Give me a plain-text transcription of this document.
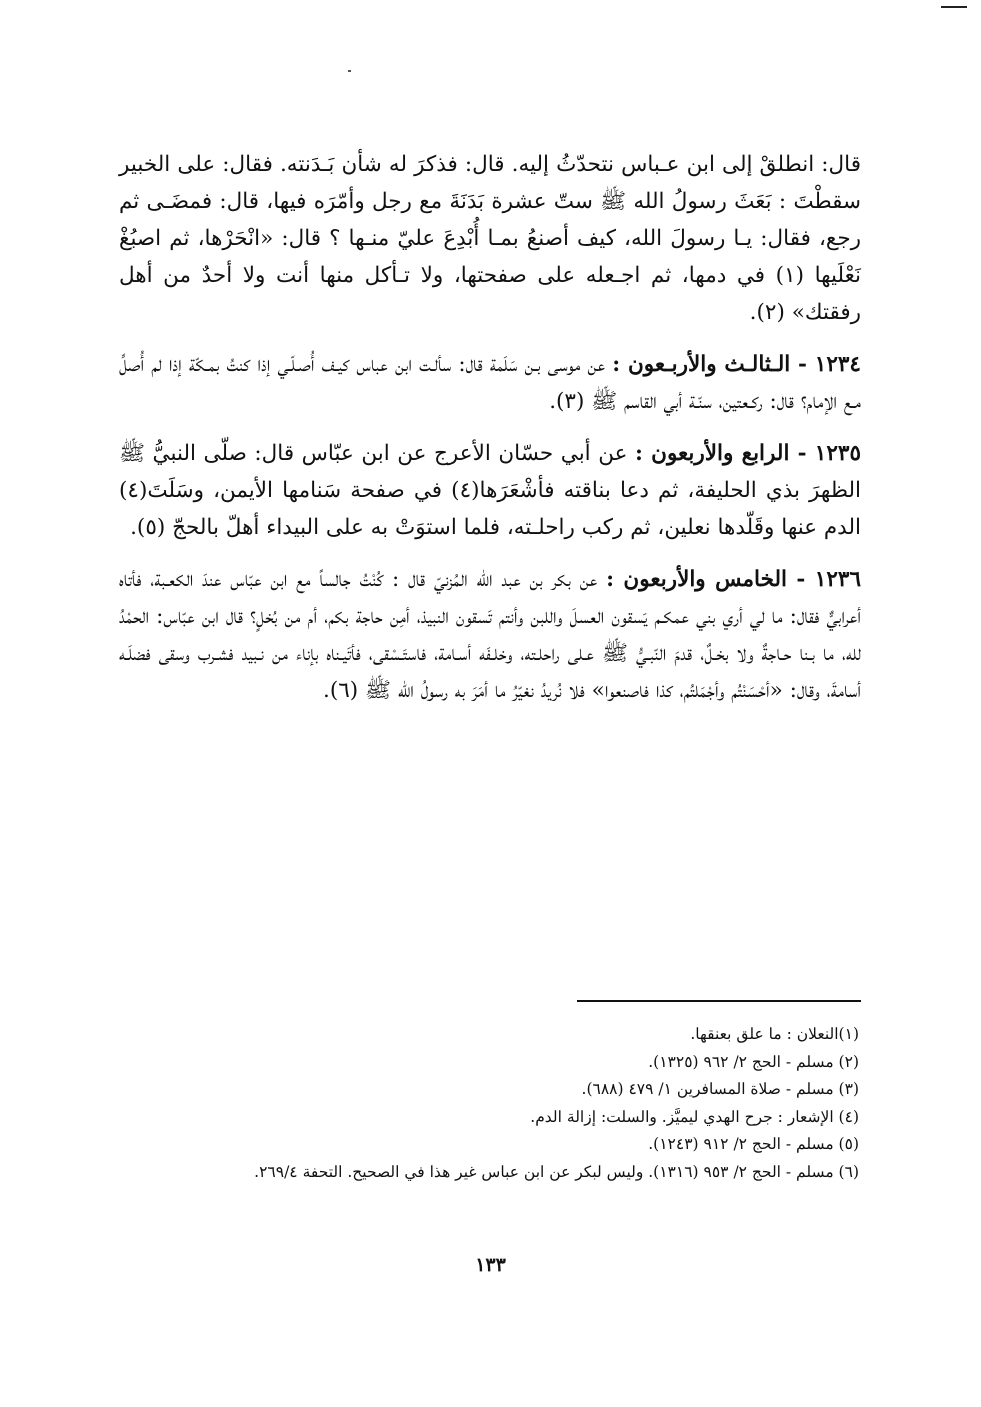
قال: انطلقْ إلى ابن عـباس نتحدّثُ إليه. قال: فذكرَ له شأن بَـدَنته. فقال: على الخبير سقطْتَ : بَعَثَ رسولُ الله ﷺ ستّ عشرة بَدَنَةَ مع رجل وأمّرَه فيها، قال: فمضَـى ثم رجع، فقال: يـا رسولَ الله، كيف أصنعُ بمـا أُبْدِعَ عليّ منـها ؟ قال: «انْحَرْها، ثم اصبُغْ نَعْلَيها (١) في دمها، ثم اجـعله على صفحتها، ولا تـأكل منها أنت ولا أحدٌ من أهل رفقتك» (٢).

١٢٣٤ - الـثالـث والأربـعون : عن موسى بـن سَلَمة قال: سألـت ابن عباس كيـف أُصـلّـي إذا كنتُ بمـكّة إذا لم أُصلِّ مـع الإمام؟ قال: ركـعتين، سنّـة أبي القاسم ﷺ (٣).

١٢٣٥ - الرابع والأربعون : عن أبي حسّان الأعرج عن ابن عبّاس قال: صلّى النبيُّ ﷺ الظهرَ بذي الحليفة، ثم دعا بناقته فأشْعَرَها(٤) في صفحة سَنامها الأيمن، وسَلَتَ(٤) الدم عنها وقَلّدها نعلين، ثم ركب راحلـته، فلما استوَتْ به على البيداء أهلّ بالحجّ (٥).

١٢٣٦ - الخامس والأربعون : عن بكر بن عبد الله المُزنيّ قال : كُنْتُ جالساً مع ابن عبّاس عندَ الكعـبة، فأتاه أعرابيٌّ فقال: ما لي أري بني عمكـم يَسقون العسلَ واللبن وأنتم تَسقون النبيذ، أمِن حاجة بكم، أم من بُخلٍ؟ قال ابن عبّاس: الحمْدُ لله، ما بـنا حـاجةٌ ولا بخـلٌ، قدمَ النّبـيُّ ﷺ عـلى راحلـته، وخلـفَه أسـامة، فاستَـسْقى، فأتَيـناه بإناء من نـبيد فشـرب وسقى فضلَـه أسامةَ، وقال: «أحْسَنْتُم وأجْمَلتُم، كذا فاصنعوا» فلا نُريدُ نغيّرُ ما أمَرَ به رسولُ الله ﷺ (٦).

(١)النعلان : ما علق بعنقها.
(٢) مسلم - الحج ٢/ ٩٦٢ (١٣٢٥).
(٣) مسلم - صلاة المسافرين ١/ ٤٧٩ (٦٨٨).
(٤) الإشعار : جرح الهدي ليميَّز. والسلت: إزالة الدم.
(٥) مسلم - الحج ٢/ ٩١٢ (١٢٤٣).
(٦) مسلم - الحج ٢/ ٩٥٣ (١٣١٦). وليس لبكر عن ابن عباس غير هذا في الصحيح. التحفة ٢٦٩/٤.
١٣٣
